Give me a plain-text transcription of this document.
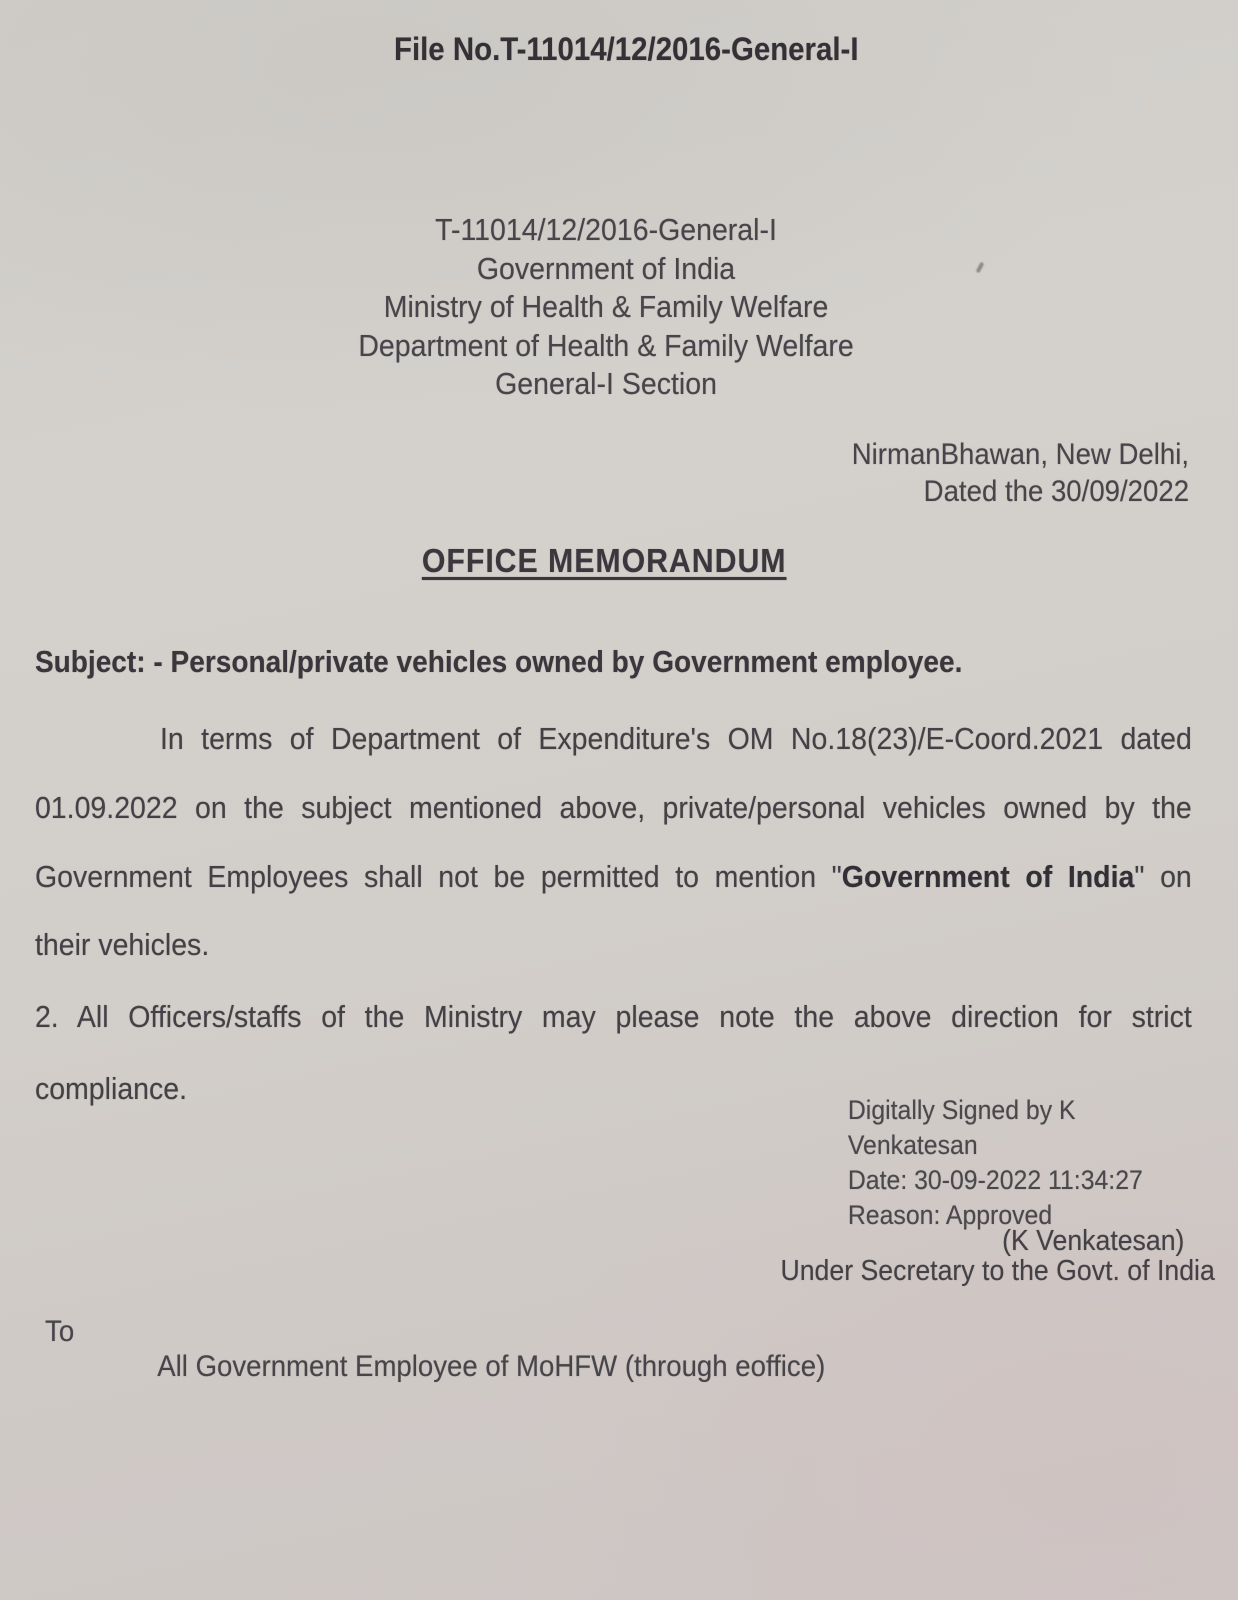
File No.T-11014/12/2016-General-I
T-11014/12/2016-General-I
Government of India
Ministry of Health & Family Welfare
Department of Health & Family Welfare
General-I Section
NirmanBhawan, New Delhi,
Dated the 30/09/2022
OFFICE MEMORANDUM
Subject: - Personal/private vehicles owned by Government employee.
In terms of Department of Expenditure's OM No.18(23)/E-Coord.2021 dated
01.09.2022 on the subject mentioned above, private/personal vehicles owned by the
Government Employees shall not be permitted to mention "Government of India" on
their vehicles.
2. All Officers/staffs of the Ministry may please note the above direction for strict
compliance.
Digitally Signed by K
Venkatesan
Date: 30-09-2022 11:34:27
Reason: Approved
(K Venkatesan)
Under Secretary to the Govt. of India
To
All Government Employee of MoHFW (through eoffice)
